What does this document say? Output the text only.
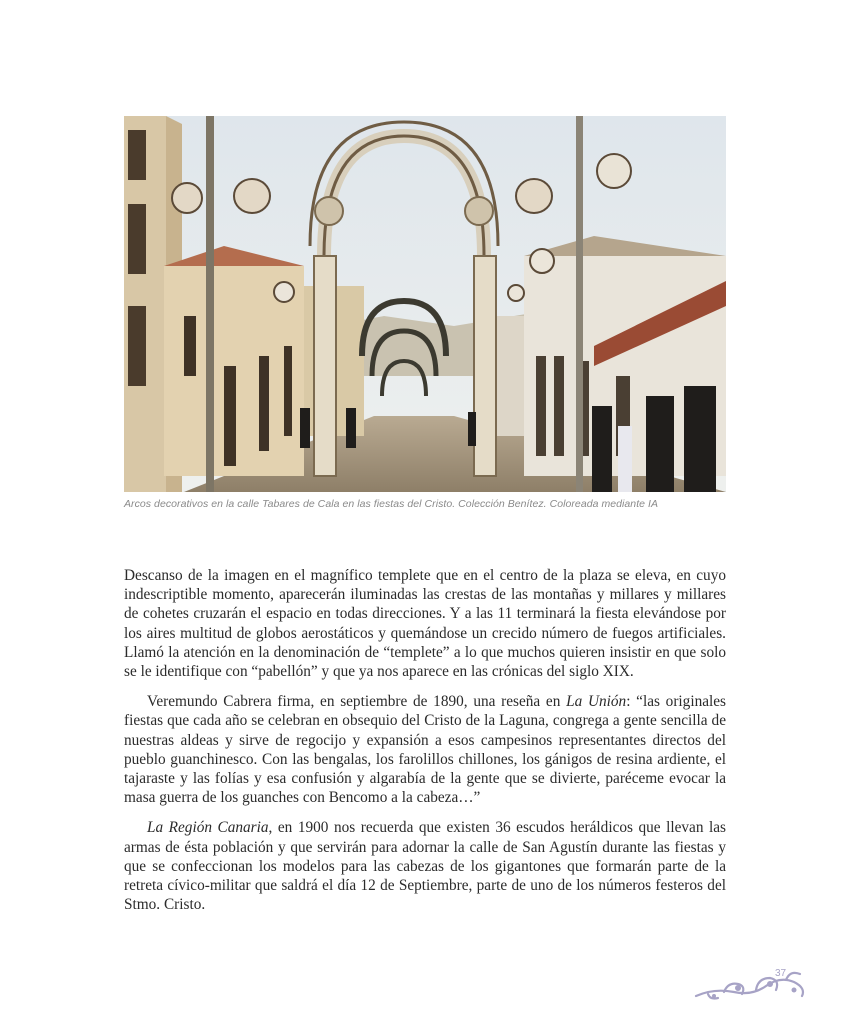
Arcos decorativos en la calle Tabares de Cala en las fiestas del Cristo. Colección Benítez. Coloreada mediante IA

Descanso de la imagen en el magnífico templete que en el centro de la plaza se eleva, en cuyo indescriptible momento, aparecerán iluminadas las crestas de las montañas y millares y millares de cohetes cruzarán el espacio en todas direcciones. Y a las 11 terminará la fiesta elevándose por los aires multitud de globos aerostáticos y quemándose un crecido número de fuegos artificiales. Llamó la atención en la denominación de “templete” a lo que muchos quieren insistir en que solo se le identifique con “pabellón” y que ya nos aparece en las crónicas del siglo XIX.

Veremundo Cabrera firma, en septiembre de 1890, una reseña en La Unión: “las originales fiestas que cada año se celebran en obsequio del Cristo de la Laguna, congrega a gente sencilla de nuestras aldeas y sirve de regocijo y expansión a esos campesinos representantes directos del pueblo guanchinesco. Con las bengalas, los farolillos chillones, los gánigos de resina ardiente, el tajaraste y las folías y esa confusión y algarabía de la gente que se divierte, paréceme evocar la masa guerra de los guanches con Bencomo a la cabeza…”

La Región Canaria, en 1900 nos recuerda que existen 36 escudos heráldicos que llevan las armas de ésta población y que servirán para adornar la calle de San Agustín durante las fiestas y que se confeccionan los modelos para las cabezas de los gigantones que formarán parte de la retreta cívico-militar que saldrá el día 12 de Septiembre, parte de uno de los números festeros del Stmo. Cristo.

37
